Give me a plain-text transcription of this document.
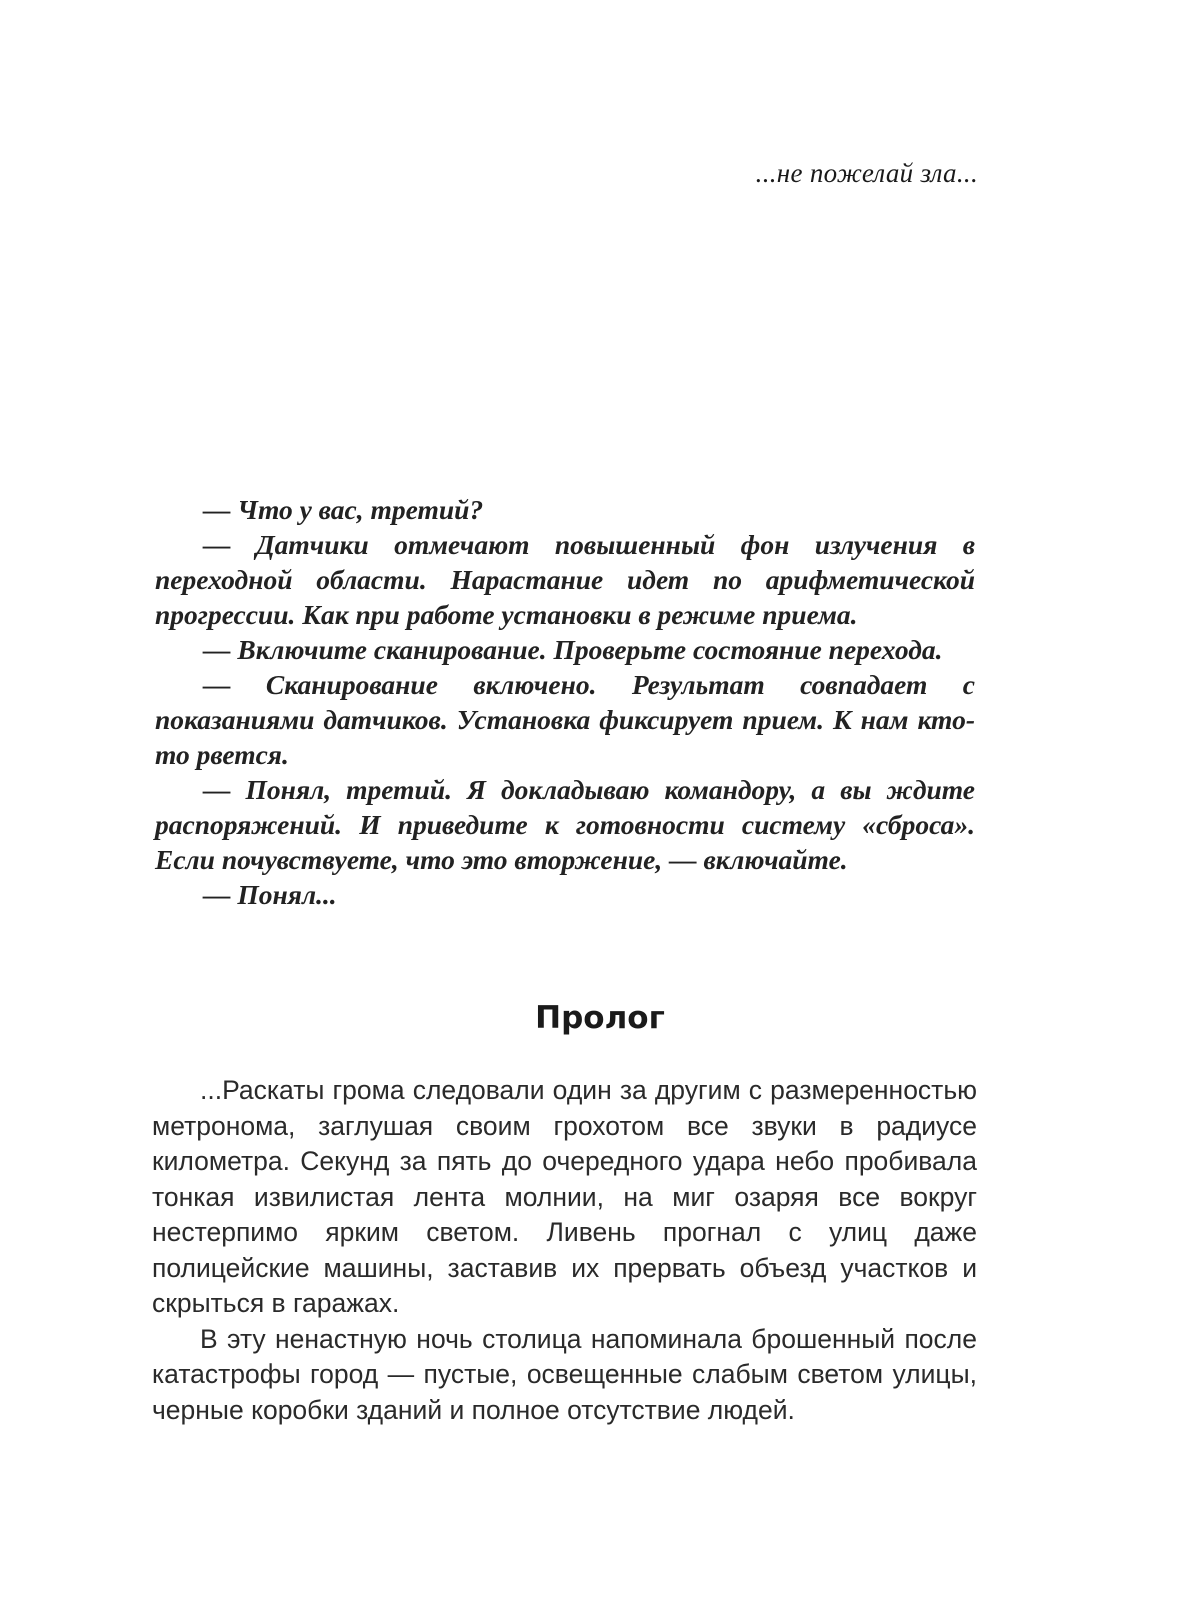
...не пожелай зла...

— Что у вас, третий?

— Датчики отмечают повышенный фон излучения в переходной области. Нарастание идет по арифметической прогрессии. Как при работе установки в режиме приема.

— Включите сканирование. Проверьте состояние перехода.

— Сканирование включено. Результат совпадает с показаниями датчиков. Установка фиксирует прием. К нам кто-то рвется.

— Понял, третий. Я докладываю командору, а вы ждите распоряжений. И приведите к готовности систему «сброса». Если почувствуете, что это вторжение, — включайте.

— Понял...

Пролог

...Раскаты грома следовали один за другим с размеренностью метронома, заглушая своим грохотом все звуки в радиусе километра. Секунд за пять до очередного удара небо пробивала тонкая извилистая лента молнии, на миг озаряя все вокруг нестерпимо ярким светом. Ливень прогнал с улиц даже полицейские машины, заставив их прервать объезд участков и скрыться в гаражах.

В эту ненастную ночь столица напоминала брошенный после катастрофы город — пустые, освещенные слабым светом улицы, черные коробки зданий и полное отсутствие людей.
